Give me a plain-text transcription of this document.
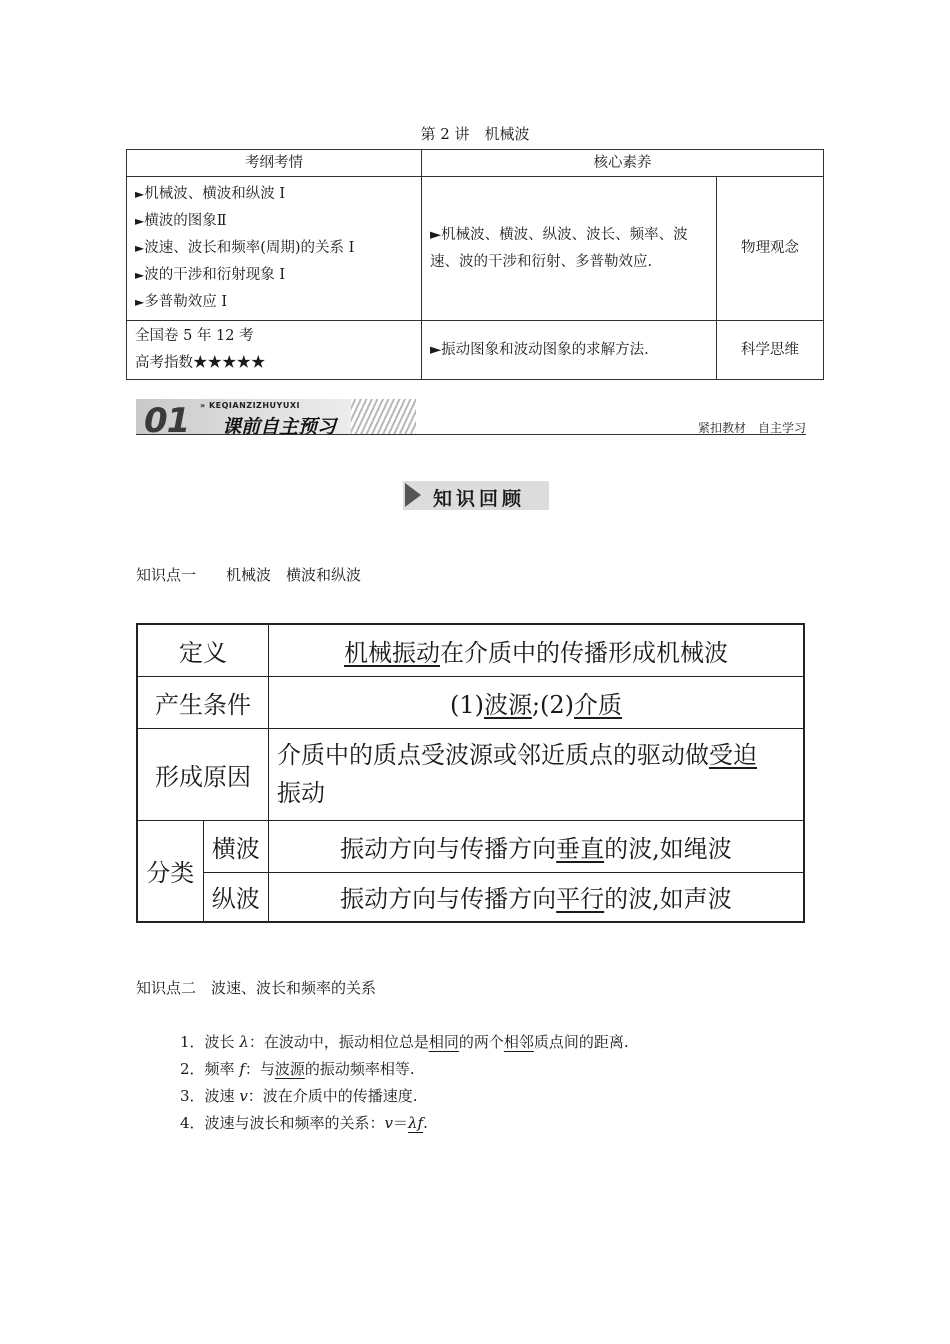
第 2 讲　机械波
考纲考情	核心素养	

► 机械波、横波和纵波 I
► 横波的图象Ⅱ
► 波速、波长和频率(周期)的关系 I
► 波的干涉和衍射现象 I
► 多普勒效应 I	►机械波、横波、纵波、波长、频率、波速、波的干涉和衍射、多普勒效应.	物理观念

全国卷 5 年 12 考
高考指数★★★★★	►振动图象和波动图象的求解方法.	科学思维
01 » KEQIANZIZHUYUXI
课前自主预习	紧扣教材　自主学习
知识回顾
知识点一　　机械波　横波和纵波
定义		机械振动在介质中的传播形成机械波
产生条件		(1)波源;(2)介质
形成原因		介质中的质点受波源或邻近质点的驱动做受迫
振动
分类	横波	振动方向与传播方向垂直的波,如绳波
	纵波	振动方向与传播方向平行的波,如声波
知识点二　波速、波长和频率的关系
1．波长 λ：在波动中，振动相位总是相同的两个相邻质点间的距离.
2．频率 f：与波源的振动频率相等.
3．波速 v：波在介质中的传播速度.
4．波速与波长和频率的关系：v＝λf.
